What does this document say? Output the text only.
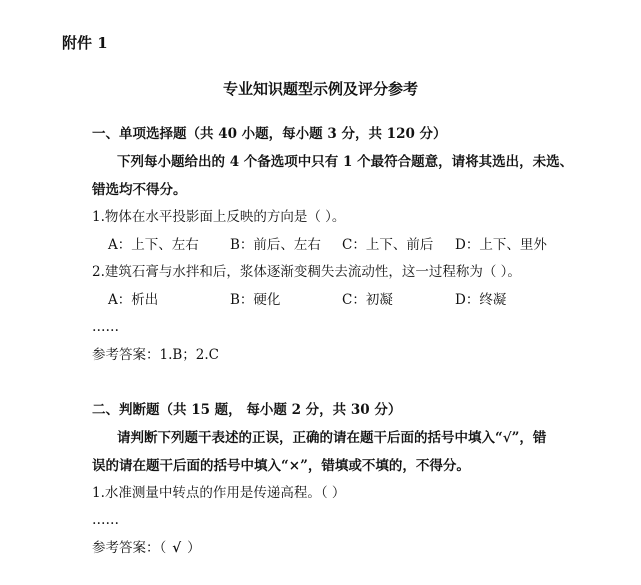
附件 1
专业知识题型示例及评分参考
一、单项选择题（共 40 小题，每小题 3 分，共 120 分）
下列每小题给出的 4 个备选项中只有 1 个最符合题意，请将其选出，未选、
错选均不得分。
1.物体在水平投影面上反映的方向是（ ）。
A：上下、左右 B：前后、左右 C：上下、前后 D：上下、里外
2.建筑石膏与水拌和后，浆体逐渐变稠失去流动性，这一过程称为（ ）。
A：析出	B：硬化	C：初凝	D：终凝
……
参考答案：1.B；2.C
二、判断题（共 15 题， 每小题 2 分，共 30 分）
请判断下列题干表述的正误，正确的请在题干后面的括号中填入“√”，错
误的请在题干后面的括号中填入“×”，错填或不填的，不得分。
1.水准测量中转点的作用是传递高程。（ ）
……
参考答案：（ √ ）
